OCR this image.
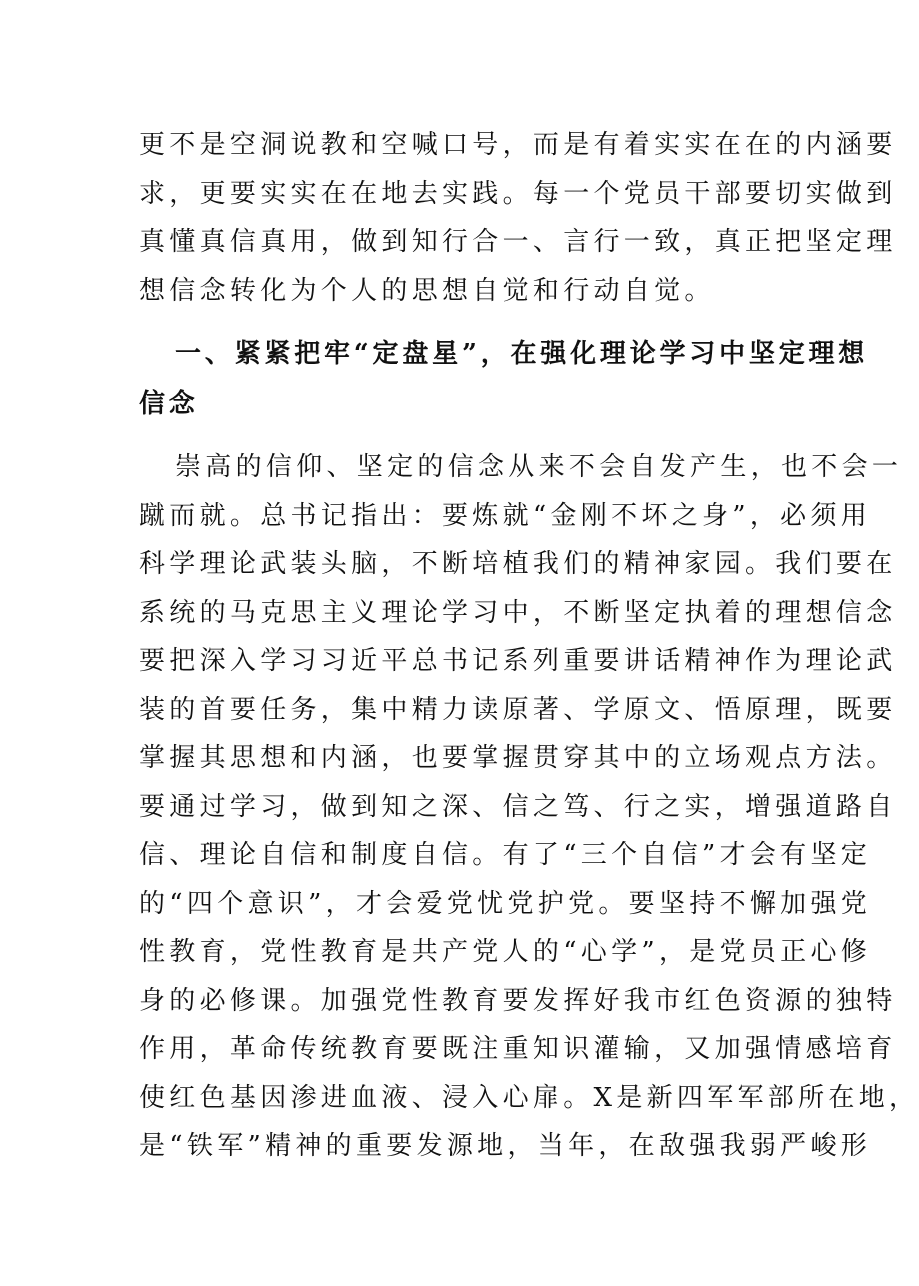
更不是空洞说教和空喊口号，而是有着实实在在的内涵要
求，更要实实在在地去实践。每一个党员干部要切实做到
真懂真信真用，做到知行合一、言行一致，真正把坚定理
想信念转化为个人的思想自觉和行动自觉。
一、紧紧把牢“定盘星”，在强化理论学习中坚定理想
信念
崇高的信仰、坚定的信念从来不会自发产生，也不会一
蹴而就。总书记指出：要炼就“金刚不坏之身”，必须用
科学理论武装头脑，不断培植我们的精神家园。我们要在
系统的马克思主义理论学习中，不断坚定执着的理想信念
要把深入学习习近平总书记系列重要讲话精神作为理论武
装的首要任务，集中精力读原著、学原文、悟原理，既要
掌握其思想和内涵，也要掌握贯穿其中的立场观点方法。
要通过学习，做到知之深、信之笃、行之实，增强道路自
信、理论自信和制度自信。有了“三个自信”才会有坚定
的“四个意识”，才会爱党忧党护党。要坚持不懈加强党
性教育，党性教育是共产党人的“心学”，是党员正心修
身的必修课。加强党性教育要发挥好我市红色资源的独特
作用，革命传统教育要既注重知识灌输，又加强情感培育
使红色基因渗进血液、浸入心扉。X是新四军军部所在地，
是“铁军”精神的重要发源地，当年，在敌强我弱严峻形
